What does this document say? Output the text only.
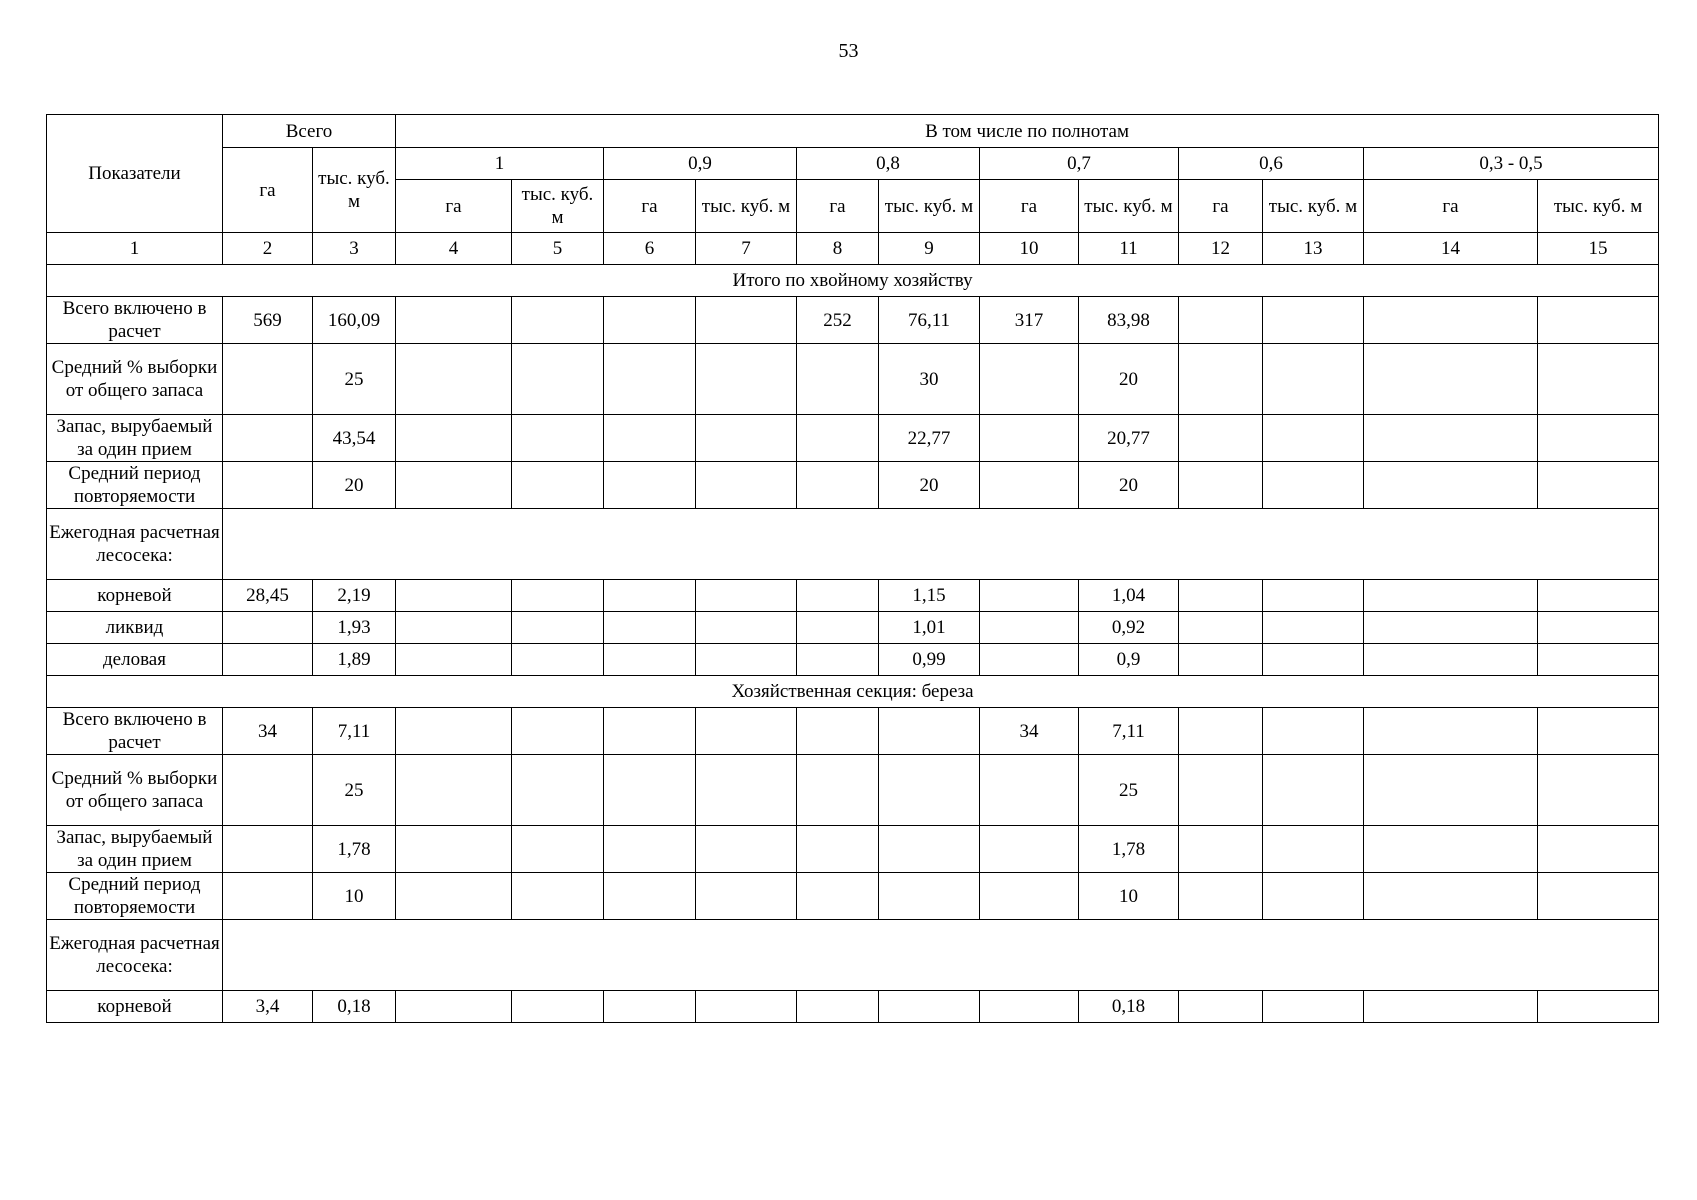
53
Показатели	Всего		В том числе по полнотам											
	га	тыс. куб. м	1		0,9		0,8		0,7		0,6		0,3 - 0,5	
			га	тыс. куб. м	га	тыс. куб. м	га	тыс. куб. м	га	тыс. куб. м	га	тыс. куб. м	га	тыс. куб. м
1	2	3	4	5	6	7	8	9	10	11	12	13	14	15
Итого по хвойному хозяйству														
Всего включено в расчет	569	160,09					252	76,11	317	83,98				
Средний % выборки от общего запаса		25						30		20				
Запас, вырубаемый за один прием		43,54						22,77		20,77				
Средний период повторяемости		20						20		20				
Ежегодная расчетная лесосека:														
корневой	28,45	2,19						1,15		1,04				
ликвид		1,93						1,01		0,92				
деловая		1,89						0,99		0,9				
Хозяйственная секция: береза														
Всего включено в расчет	34	7,11							34	7,11				
Средний % выборки от общего запаса		25								25				
Запас, вырубаемый за один прием		1,78								1,78				
Средний период повторяемости		10								10				
Ежегодная расчетная лесосека:														
корневой	3,4	0,18								0,18				
